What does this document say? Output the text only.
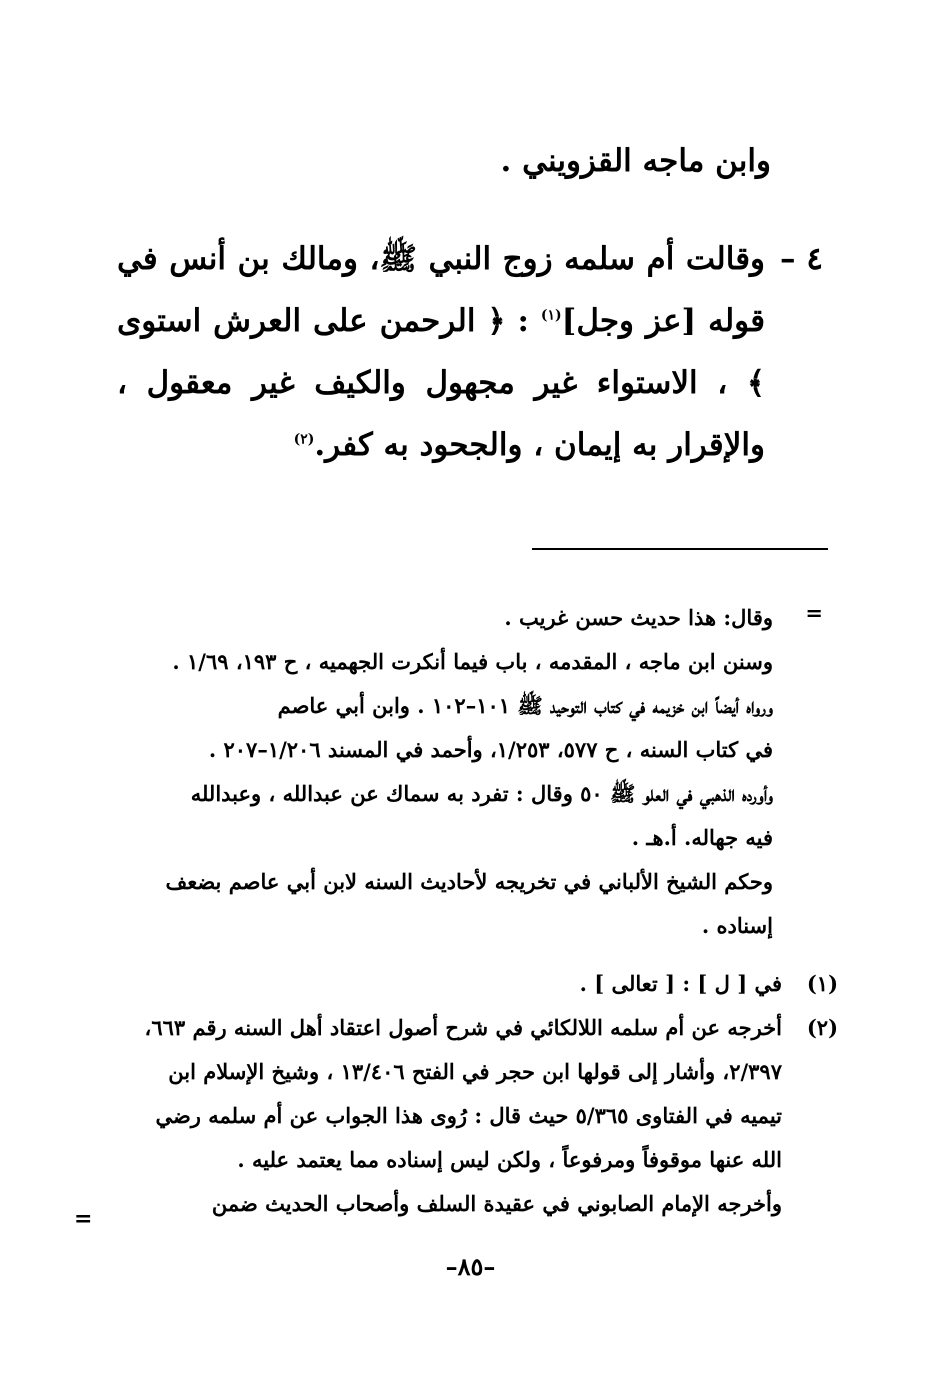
وابن ماجه القزويني .
٤ –
وقالت أم سلمه زوج النبي ﷺ، ومالك بن أنس في قوله [عز وجل]$^{(١)}$ : ﴿ الرحمن على العرش استوى ﴾ ، الاستواء غير مجهول والكيف غير معقول ، والإقرار به إيمان ، والجحود به كفر.$^{(٢)}$
=
وقال: هذا حديث حسن غريب .
وسنن ابن ماجه ، المقدمه ، باب فيما أنكرت الجهميه ، ح ١٩٣، ١/٦٩ .
ورواه أيضاً ابن خزيمه في كتاب التوحيد ﷺ ١٠١–١٠٢ . وابن أبي عاصم
في كتاب السنه ، ح ٥٧٧، ١/٢٥٣، وأحمد في المسند ١/٢٠٦–٢٠٧ .
وأورده الذهبي في العلو ﷺ ٥٠ وقال : تفرد به سماك عن عبدالله ، وعبدالله
فيه جهاله. أ.هـ .
وحكم الشيخ الألباني في تخريجه لأحاديث السنه لابن أبي عاصم بضعف
إسناده .
(١)
في [ ل ] : [ تعالى ] .
(٢)
أخرجه عن أم سلمه اللالكائي في شرح أصول اعتقاد أهل السنه رقم ٦٦٣،
٢/٣٩٧، وأشار إلى قولها ابن حجر في الفتح ١٣/٤٠٦ ، وشيخ الإسلام ابن
تيميه في الفتاوى ٥/٣٦٥ حيث قال : رُوى هذا الجواب عن أم سلمه رضي
الله عنها موقوفاً ومرفوعاً ، ولكن ليس إسناده مما يعتمد عليه .
وأخرجه الإمام الصابوني في عقيدة السلف وأصحاب الحديث ضمن
=
–٨٥–
